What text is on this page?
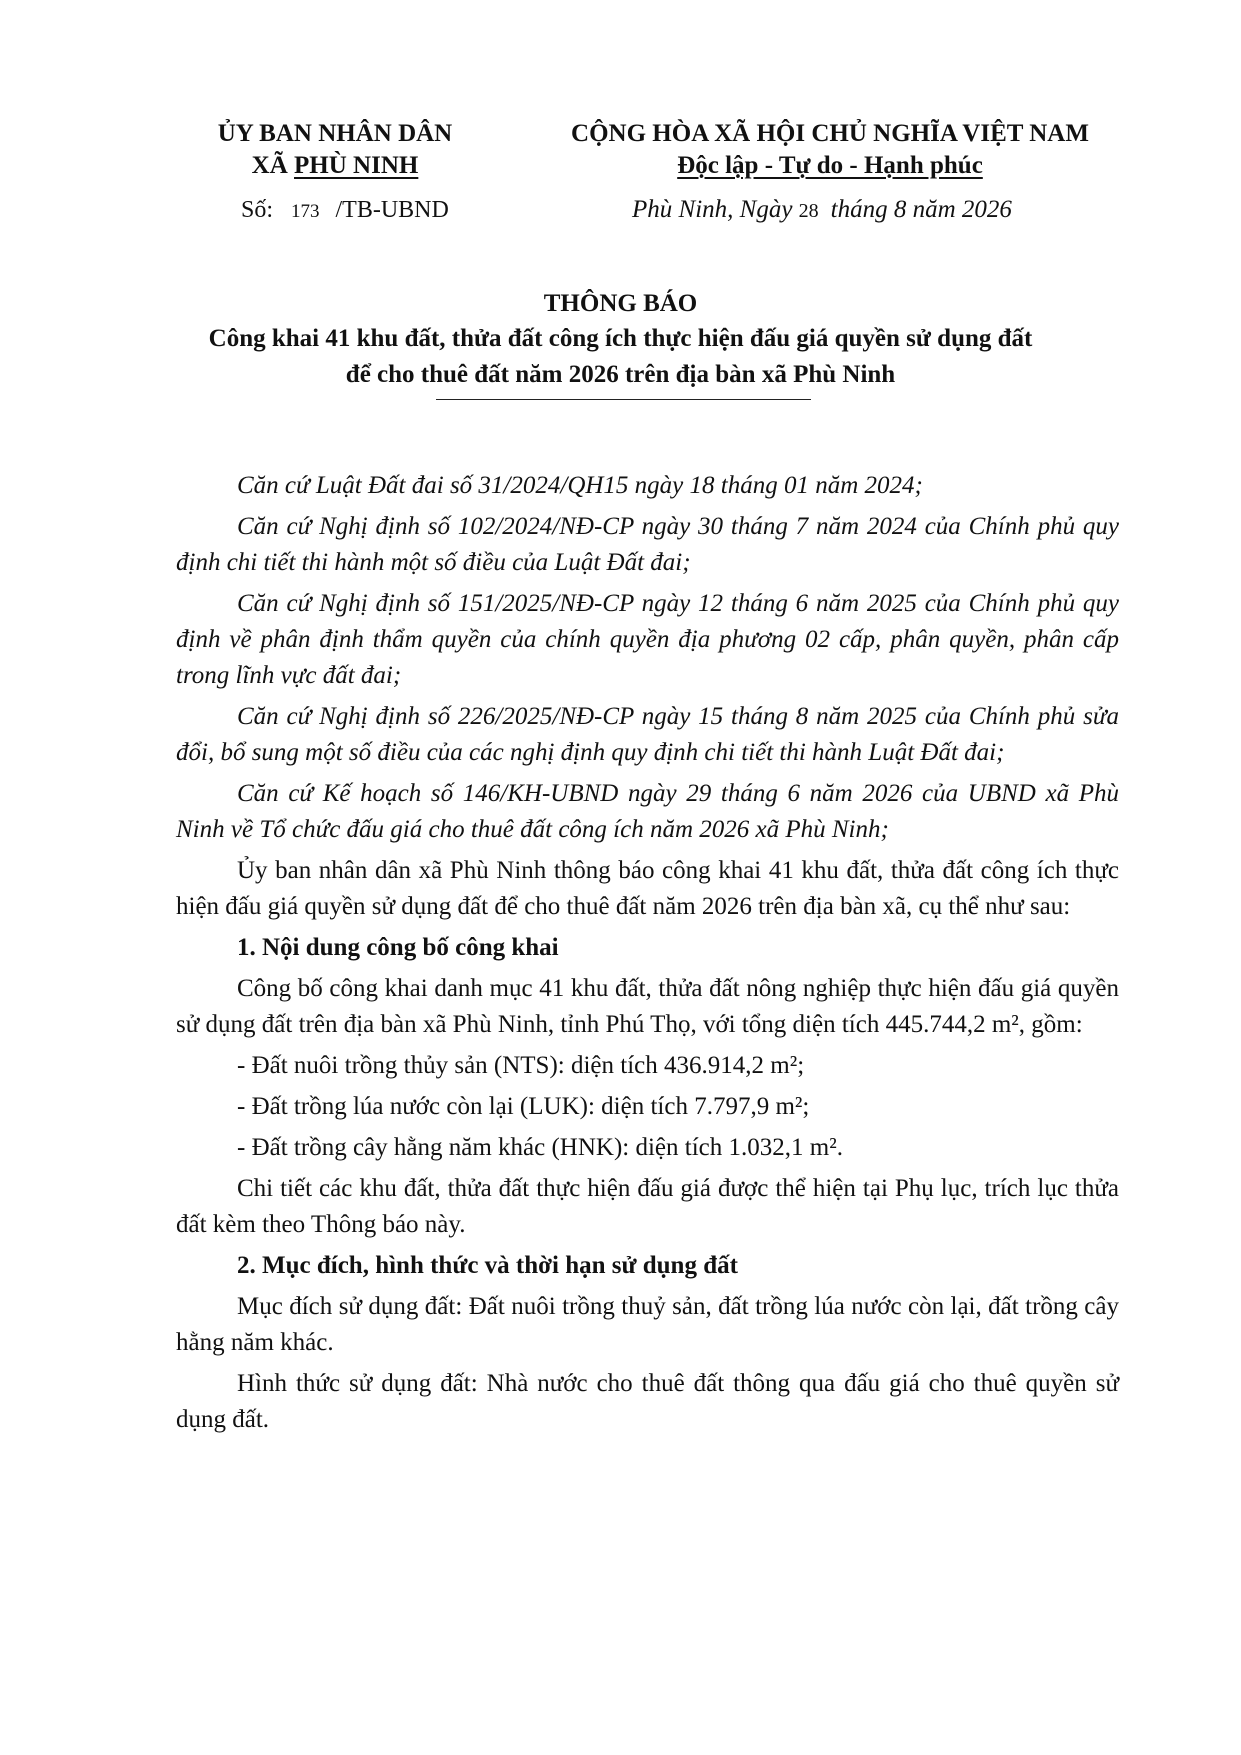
ỦY BAN NHÂN DÂN
XÃ PHÙ NINH
Số: 173 /TB-UBND
CỘNG HÒA XÃ HỘI CHỦ NGHĨA VIỆT NAM
Độc lập - Tự do - Hạnh phúc
Phù Ninh, Ngày 28 tháng 8 năm 2026
THÔNG BÁO
Công khai 41 khu đất, thửa đất công ích thực hiện đấu giá quyền sử dụng đất
để cho thuê đất năm 2026 trên địa bàn xã Phù Ninh

Căn cứ Luật Đất đai số 31/2024/QH15 ngày 18 tháng 01 năm 2024;

Căn cứ Nghị định số 102/2024/NĐ-CP ngày 30 tháng 7 năm 2024 của Chính phủ quy định chi tiết thi hành một số điều của Luật Đất đai;

Căn cứ Nghị định số 151/2025/NĐ-CP ngày 12 tháng 6 năm 2025 của Chính phủ quy định về phân định thẩm quyền của chính quyền địa phương 02 cấp, phân quyền, phân cấp trong lĩnh vực đất đai;

Căn cứ Nghị định số 226/2025/NĐ-CP ngày 15 tháng 8 năm 2025 của Chính phủ sửa đổi, bổ sung một số điều của các nghị định quy định chi tiết thi hành Luật Đất đai;

Căn cứ Kế hoạch số 146/KH-UBND ngày 29 tháng 6 năm 2026 của UBND xã Phù Ninh về Tổ chức đấu giá cho thuê đất công ích năm 2026 xã Phù Ninh;

Ủy ban nhân dân xã Phù Ninh thông báo công khai 41 khu đất, thửa đất công ích thực hiện đấu giá quyền sử dụng đất để cho thuê đất năm 2026 trên địa bàn xã, cụ thể như sau:

1. Nội dung công bố công khai

Công bố công khai danh mục 41 khu đất, thửa đất nông nghiệp thực hiện đấu giá quyền sử dụng đất trên địa bàn xã Phù Ninh, tỉnh Phú Thọ, với tổng diện tích 445.744,2 m², gồm:

- Đất nuôi trồng thủy sản (NTS): diện tích 436.914,2 m²;

- Đất trồng lúa nước còn lại (LUK): diện tích 7.797,9 m²;

- Đất trồng cây hằng năm khác (HNK): diện tích 1.032,1 m².

Chi tiết các khu đất, thửa đất thực hiện đấu giá được thể hiện tại Phụ lục, trích lục thửa đất kèm theo Thông báo này.

2. Mục đích, hình thức và thời hạn sử dụng đất

Mục đích sử dụng đất: Đất nuôi trồng thuỷ sản, đất trồng lúa nước còn lại, đất trồng cây hằng năm khác.

Hình thức sử dụng đất: Nhà nước cho thuê đất thông qua đấu giá cho thuê quyền sử dụng đất.
